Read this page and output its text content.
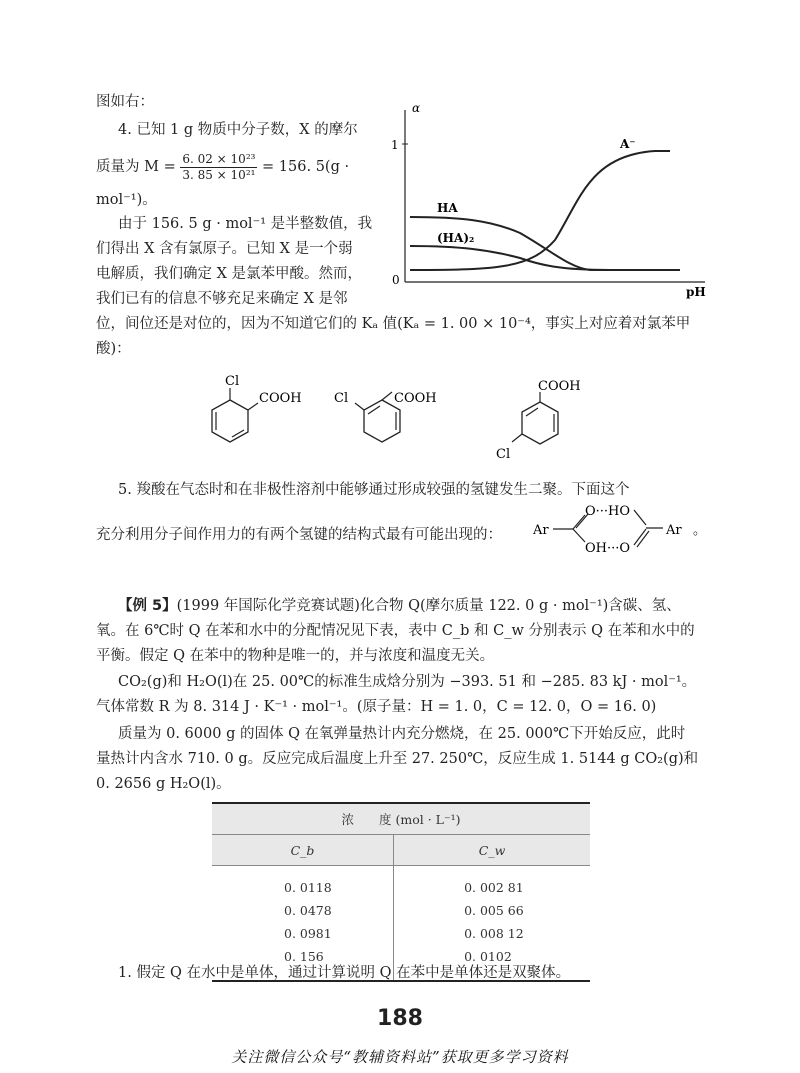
图如右：
4. 已知 1 g 物质中分子数，X 的摩尔
质量为 $M = \frac{\text{6. 02 × 10²³}}{\text{3. 85 × 10²¹}} = 156$. 5(g ·
mol⁻¹)。
由于 156. 5 g · mol⁻¹ 是半整数值，我
们得出 X 含有氯原子。已知 X 是一个弱
电解质，我们确定 X 是氯苯甲酸。然而，
我们已有的信息不够充足来确定 X 是邻
位，间位还是对位的，因为不知道它们的 Kₐ 值(Kₐ = 1. 00 × 10⁻⁴，事实上对应着对氯苯甲
酸)：
α
1
0
pH
A⁻
HA
(HA)₂
Cl
COOH Cl	COOH
COOH
Cl
5. 羧酸在气态时和在非极性溶剂中能够通过形成较强的氢键发生二聚。下面这个
充分利用分子间作用力的有两个氢键的结构式最有可能出现的： Ar
O···HO
OH···O
Ar 。
【例 5】(1999 年国际化学竞赛试题)化合物 Q(摩尔质量 122. 0 g · mol⁻¹)含碳、氢、
氧。在 6℃时 Q 在苯和水中的分配情况见下表，表中 C_b 和 C_w 分别表示 Q 在苯和水中的
平衡。假定 Q 在苯中的物种是唯一的，并与浓度和温度无关。
CO₂(g)和 H₂O(l)在 25. 00℃的标准生成焓分别为 −393. 51 和 −285. 83 kJ · mol⁻¹。
气体常数 R 为 8. 314 J · K⁻¹ · mol⁻¹。(原子量：H = 1. 0，C = 12. 0，O = 16. 0)
质量为 0. 6000 g 的固体 Q 在氧弹量热计内充分燃烧，在 25. 000℃下开始反应，此时
量热计内含水 710. 0 g。反应完成后温度上升至 27. 250℃，反应生成 1. 5144 g CO₂(g)和
0. 2656 g H₂O(l)。
浓　　度 (mol · L⁻¹)	
C_b	C_w

0. 0118	0. 002 81
0. 0478	0. 005 66
0. 0981	0. 008 12
0. 156	0. 0102

1. 假定 Q 在水中是单体，通过计算说明 Q 在苯中是单体还是双聚体。
188
关注微信公众号“教辅资料站”获取更多学习资料
